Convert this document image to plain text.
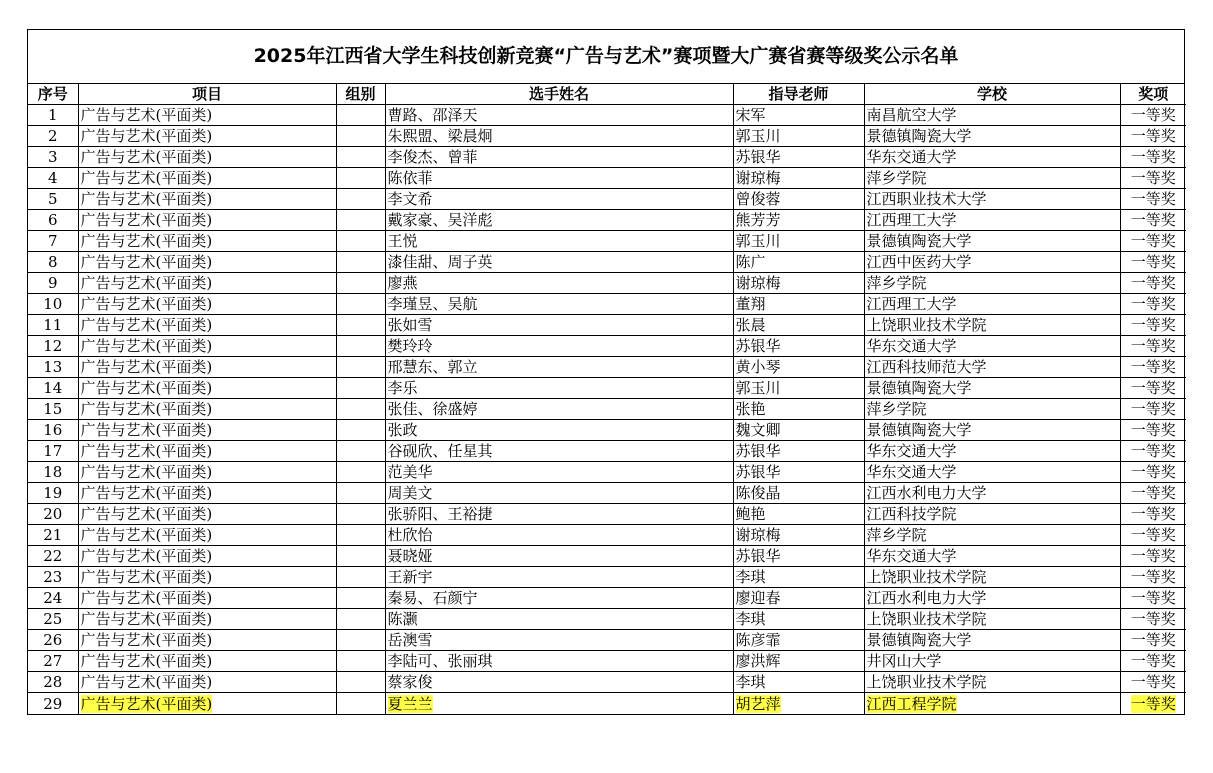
2025年江西省大学生科技创新竞赛“广告与艺术”赛项暨大广赛省赛等级奖公示名单
序号	项目	组别	选手姓名	指导老师	学校	奖项
1	广告与艺术(平面类)		曹路、邵泽天	宋军	南昌航空大学	一等奖
2	广告与艺术(平面类)		朱熙盟、梁晨炯	郭玉川	景德镇陶瓷大学	一等奖
3	广告与艺术(平面类)		李俊杰、曾菲	苏银华	华东交通大学	一等奖
4	广告与艺术(平面类)		陈依菲	谢琼梅	萍乡学院	一等奖
5	广告与艺术(平面类)		李文希	曾俊蓉	江西职业技术大学	一等奖
6	广告与艺术(平面类)		戴家豪、吴洋彪	熊芳芳	江西理工大学	一等奖
7	广告与艺术(平面类)		王悦	郭玉川	景德镇陶瓷大学	一等奖
8	广告与艺术(平面类)		漆佳甜、周子英	陈广	江西中医药大学	一等奖
9	广告与艺术(平面类)		廖燕	谢琼梅	萍乡学院	一等奖
10	广告与艺术(平面类)		李瑾昱、吴航	董翔	江西理工大学	一等奖
11	广告与艺术(平面类)		张如雪	张晨	上饶职业技术学院	一等奖
12	广告与艺术(平面类)		樊玲玲	苏银华	华东交通大学	一等奖
13	广告与艺术(平面类)		邢慧东、郭立	黄小琴	江西科技师范大学	一等奖
14	广告与艺术(平面类)		李乐	郭玉川	景德镇陶瓷大学	一等奖
15	广告与艺术(平面类)		张佳、徐盛婷	张艳	萍乡学院	一等奖
16	广告与艺术(平面类)		张政	魏文卿	景德镇陶瓷大学	一等奖
17	广告与艺术(平面类)		谷砚欣、任星其	苏银华	华东交通大学	一等奖
18	广告与艺术(平面类)		范美华	苏银华	华东交通大学	一等奖
19	广告与艺术(平面类)		周美文	陈俊晶	江西水利电力大学	一等奖
20	广告与艺术(平面类)		张骄阳、王裕捷	鲍艳	江西科技学院	一等奖
21	广告与艺术(平面类)		杜欣怡	谢琼梅	萍乡学院	一等奖
22	广告与艺术(平面类)		聂晓娅	苏银华	华东交通大学	一等奖
23	广告与艺术(平面类)		王新宇	李琪	上饶职业技术学院	一等奖
24	广告与艺术(平面类)		秦易、石颜宁	廖迎春	江西水利电力大学	一等奖
25	广告与艺术(平面类)		陈灏	李琪	上饶职业技术学院	一等奖
26	广告与艺术(平面类)		岳澳雪	陈彦霏	景德镇陶瓷大学	一等奖
27	广告与艺术(平面类)		李陆可、张丽琪	廖洪辉	井冈山大学	一等奖
28	广告与艺术(平面类)		蔡家俊	李琪	上饶职业技术学院	一等奖
29	广告与艺术(平面类)		夏兰兰	胡艺萍	江西工程学院	一等奖
